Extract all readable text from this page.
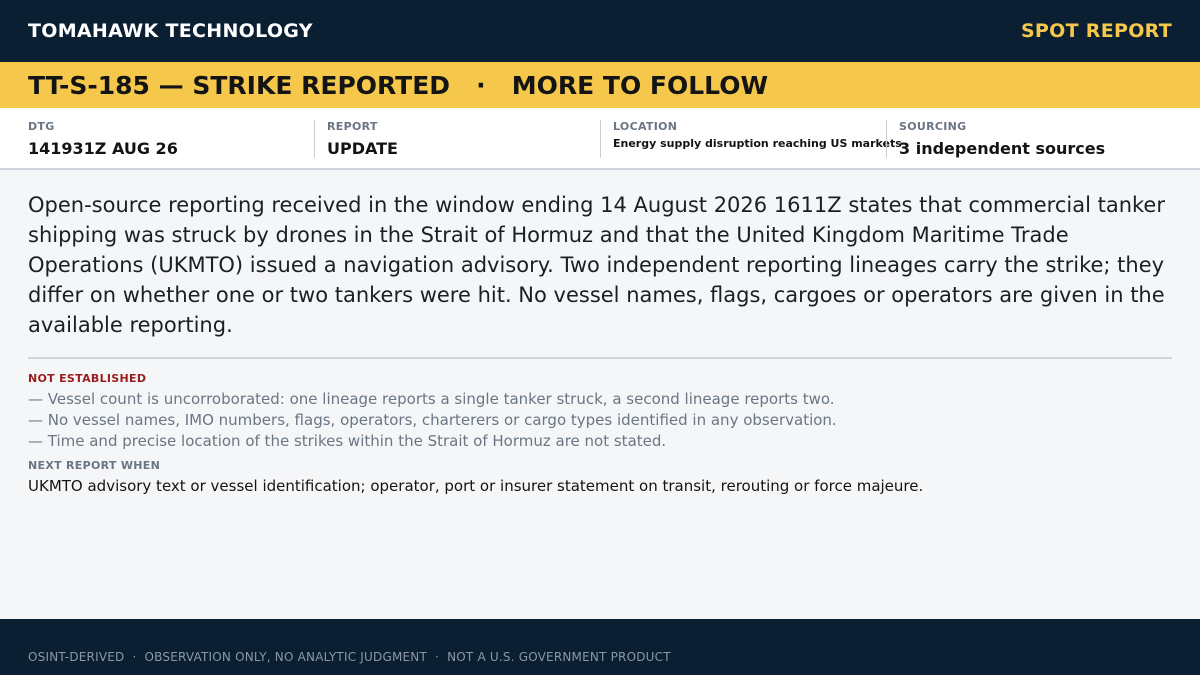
TOMAHAWK TECHNOLOGY	SPOT REPORT
TT-S-185 — STRIKE REPORTED   ·   MORE TO FOLLOW
DTG
141931Z AUG 26
REPORT
UPDATE
LOCATION
Energy supply disruption reaching US markets
SOURCING
3 independent sources

Open-source reporting received in the window ending 14 August 2026 1611Z states that commercial tanker shipping was struck by drones in the Strait of Hormuz and that the United Kingdom Maritime Trade Operations (UKMTO) issued a navigation advisory. Two independent reporting lineages carry the strike; they differ on whether one or two tankers were hit. No vessel names, flags, cargoes or operators are given in the available reporting.

NOT ESTABLISHED
— Vessel count is uncorroborated: one lineage reports a single tanker struck, a second lineage reports two.
— No vessel names, IMO numbers, flags, operators, charterers or cargo types identified in any observation.
— Time and precise location of the strikes within the Strait of Hormuz are not stated.
NEXT REPORT WHEN
UKMTO advisory text or vessel identification; operator, port or insurer statement on transit, rerouting or force majeure.
OSINT-DERIVED  ·  OBSERVATION ONLY, NO ANALYTIC JUDGMENT  ·  NOT A U.S. GOVERNMENT PRODUCT
